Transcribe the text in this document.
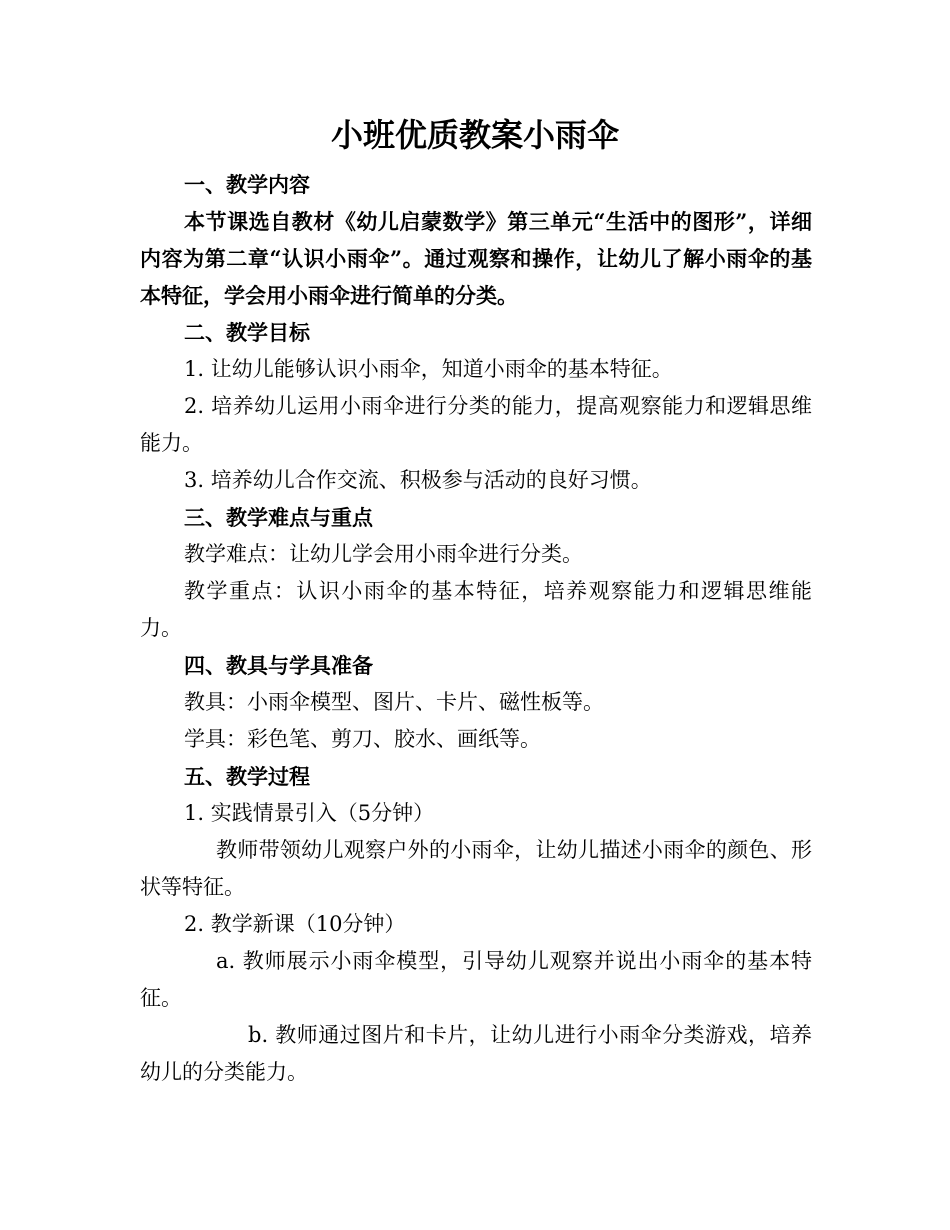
小班优质教案小雨伞

一、教学内容

本节课选自教材《幼儿启蒙数学》第三单元“生活中的图形”，详细内容为第二章“认识小雨伞”。通过观察和操作，让幼儿了解小雨伞的基本特征，学会用小雨伞进行简单的分类。

二、教学目标

1. 让幼儿能够认识小雨伞，知道小雨伞的基本特征。

2. 培养幼儿运用小雨伞进行分类的能力，提高观察能力和逻辑思维能力。

3. 培养幼儿合作交流、积极参与活动的良好习惯。

三、教学难点与重点

教学难点：让幼儿学会用小雨伞进行分类。

教学重点：认识小雨伞的基本特征，培养观察能力和逻辑思维能力。

四、教具与学具准备

教具：小雨伞模型、图片、卡片、磁性板等。

学具：彩色笔、剪刀、胶水、画纸等。

五、教学过程

1. 实践情景引入（5分钟）

教师带领幼儿观察户外的小雨伞，让幼儿描述小雨伞的颜色、形状等特征。

2. 教学新课（10分钟）

a. 教师展示小雨伞模型，引导幼儿观察并说出小雨伞的基本特征。

b. 教师通过图片和卡片，让幼儿进行小雨伞分类游戏，培养幼儿的分类能力。
